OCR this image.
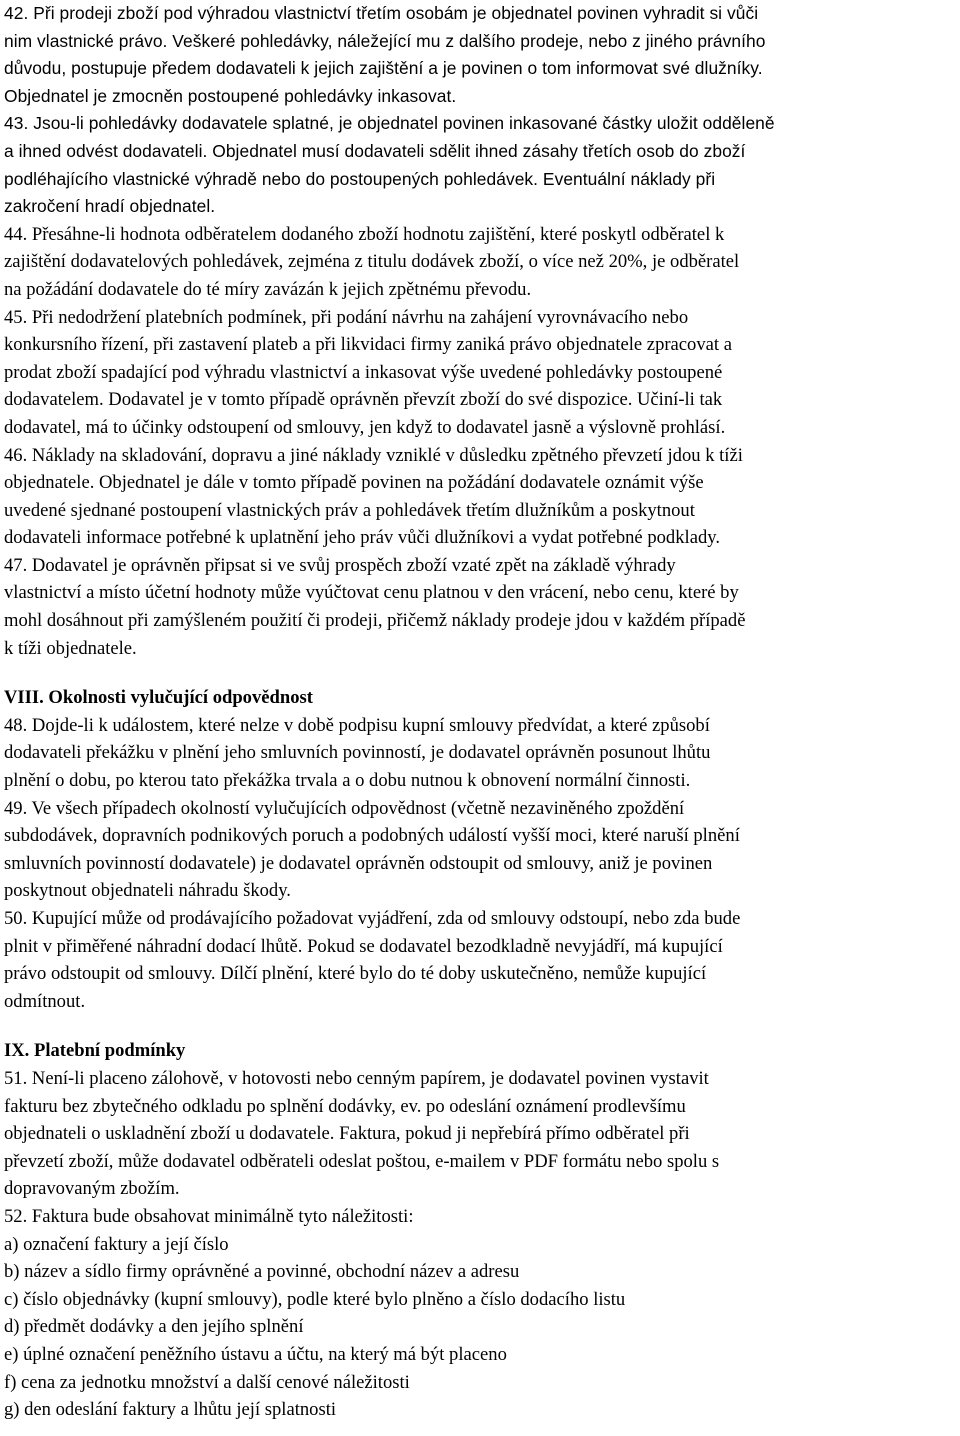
42. Při prodeji zboží pod výhradou vlastnictví třetím osobám je objednatel povinen vyhradit si vůči
nim vlastnické právo. Veškeré pohledávky, náležející mu z dalšího prodeje, nebo z jiného právního
důvodu, postupuje předem dodavateli k jejich zajištění a je povinen o tom informovat své dlužníky.
Objednatel je zmocněn postoupené pohledávky inkasovat.
43. Jsou-li pohledávky dodavatele splatné, je objednatel povinen inkasované částky uložit odděleně
a ihned odvést dodavateli. Objednatel musí dodavateli sdělit ihned zásahy třetích osob do zboží
podléhajícího vlastnické výhradě nebo do postoupených pohledávek. Eventuální náklady při
zakročení hradí objednatel.
44. Přesáhne-li hodnota odběratelem dodaného zboží hodnotu zajištění, které poskytl odběratel k
zajištění dodavatelových pohledávek, zejména z titulu dodávek zboží, o více než 20%, je odběratel
na požádání dodavatele do té míry zavázán k jejich zpětnému převodu.
45. Při nedodržení platebních podmínek, při podání návrhu na zahájení vyrovnávacího nebo
konkursního řízení, při zastavení plateb a při likvidaci firmy zaniká právo objednatele zpracovat a
prodat zboží spadající pod výhradu vlastnictví a inkasovat výše uvedené pohledávky postoupené
dodavatelem. Dodavatel je v tomto případě oprávněn převzít zboží do své dispozice. Učiní-li tak
dodavatel, má to účinky odstoupení od smlouvy, jen když to dodavatel jasně a výslovně prohlásí.
46. Náklady na skladování, dopravu a jiné náklady vzniklé v důsledku zpětného převzetí jdou k tíži
objednatele. Objednatel je dále v tomto případě povinen na požádání dodavatele oznámit výše
uvedené sjednané postoupení vlastnických práv a pohledávek třetím dlužníkům a poskytnout
dodavateli informace potřebné k uplatnění jeho práv vůči dlužníkovi a vydat potřebné podklady.
47. Dodavatel je oprávněn připsat si ve svůj prospěch zboží vzaté zpět na základě výhrady
vlastnictví a místo účetní hodnoty může vyúčtovat cenu platnou v den vrácení, nebo cenu, které by
mohl dosáhnout při zamýšleném použití či prodeji, přičemž náklady prodeje jdou v každém případě
k tíži objednatele.
VIII. Okolnosti vylučující odpovědnost
48. Dojde-li k událostem, které nelze v době podpisu kupní smlouvy předvídat, a které způsobí
dodavateli překážku v plnění jeho smluvních povinností, je dodavatel oprávněn posunout lhůtu
plnění o dobu, po kterou tato překážka trvala a o dobu nutnou k obnovení normální činnosti.
49. Ve všech případech okolností vylučujících odpovědnost (včetně nezaviněného zpoždění
subdodávek, dopravních podnikových poruch a podobných událostí vyšší moci, které naruší plnění
smluvních povinností dodavatele) je dodavatel oprávněn odstoupit od smlouvy, aniž je povinen
poskytnout objednateli náhradu škody.
50. Kupující může od prodávajícího požadovat vyjádření, zda od smlouvy odstoupí, nebo zda bude
plnit v přiměřené náhradní dodací lhůtě. Pokud se dodavatel bezodkladně nevyjádří, má kupující
právo odstoupit od smlouvy. Dílčí plnění, které bylo do té doby uskutečněno, nemůže kupující
odmítnout.
IX. Platební podmínky
51. Není-li placeno zálohově, v hotovosti nebo cenným papírem, je dodavatel povinen vystavit
fakturu bez zbytečného odkladu po splnění dodávky, ev. po odeslání oznámení prodlevšímu
objednateli o uskladnění zboží u dodavatele. Faktura, pokud ji nepřebírá přímo odběratel při
převzetí zboží, může dodavatel odběrateli odeslat poštou, e-mailem v PDF formátu nebo spolu s
dopravovaným zbožím.
52. Faktura bude obsahovat minimálně tyto náležitosti:
a) označení faktury a její číslo
b) název a sídlo firmy oprávněné a povinné, obchodní název a adresu
c) číslo objednávky (kupní smlouvy), podle které bylo plněno a číslo dodacího listu
d) předmět dodávky a den jejího splnění
e) úplné označení peněžního ústavu a účtu, na který má být placeno
f) cena za jednotku množství a další cenové náležitosti
g) den odeslání faktury a lhůtu její splatnosti
